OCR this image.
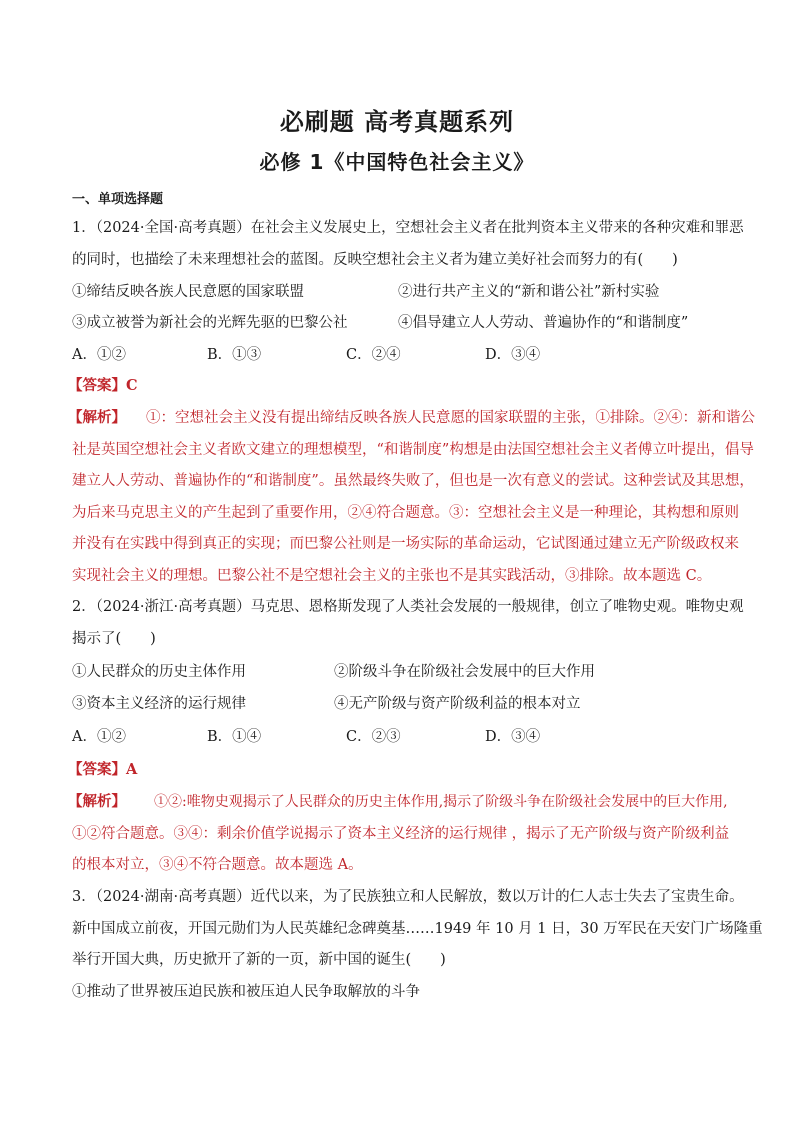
必刷题 高考真题系列
必修 1《中国特色社会主义》
一、单项选择题
1．（2024·全国·高考真题）在社会主义发展史上，空想社会主义者在批判资本主义带来的各种灾难和罪恶
的同时，也描绘了未来理想社会的蓝图。反映空想社会主义者为建立美好社会而努力的有(　　)
①缔结反映各族人民意愿的国家联盟	②进行共产主义的“新和谐公社”新村实验
③成立被誉为新社会的光辉先驱的巴黎公社	④倡导建立人人劳动、普遍协作的“和谐制度”
A．①②	B．①③	C．②④	D．③④
【答案】C
【解析】 ①：空想社会主义没有提出缔结反映各族人民意愿的国家联盟的主张，①排除。②④：新和谐公
社是英国空想社会主义者欧文建立的理想模型，“和谐制度”构想是由法国空想社会主义者傅立叶提出，倡导
建立人人劳动、普遍协作的“和谐制度”。虽然最终失败了，但也是一次有意义的尝试。这种尝试及其思想，
为后来马克思主义的产生起到了重要作用，②④符合题意。③：空想社会主义是一种理论，其构想和原则
并没有在实践中得到真正的实现；而巴黎公社则是一场实际的革命运动，它试图通过建立无产阶级政权来
实现社会主义的理想。巴黎公社不是空想社会主义的主张也不是其实践活动，③排除。故本题选 C。
2．（2024·浙江·高考真题）马克思、恩格斯发现了人类社会发展的一般规律，创立了唯物史观。唯物史观
揭示了(　　)
①人民群众的历史主体作用	②阶级斗争在阶级社会发展中的巨大作用
③资本主义经济的运行规律	④无产阶级与资产阶级利益的根本对立
A．①②	B．①④	C．②③	D．③④
【答案】A
【解析】 　①②:唯物史观揭示了人民群众的历史主体作用,揭示了阶级斗争在阶级社会发展中的巨大作用,
①②符合题意。③④：剩余价值学说揭示了资本主义经济的运行规律 ，揭示了无产阶级与资产阶级利益
的根本对立，③④不符合题意。故本题选 A。
3．（2024·湖南·高考真题）近代以来，为了民族独立和人民解放，数以万计的仁人志士失去了宝贵生命。
新中国成立前夜，开国元勋们为人民英雄纪念碑奠基……1949 年 10 月 1 日，30 万军民在天安门广场隆重
举行开国大典，历史掀开了新的一页，新中国的诞生(　　)
①推动了世界被压迫民族和被压迫人民争取解放的斗争
